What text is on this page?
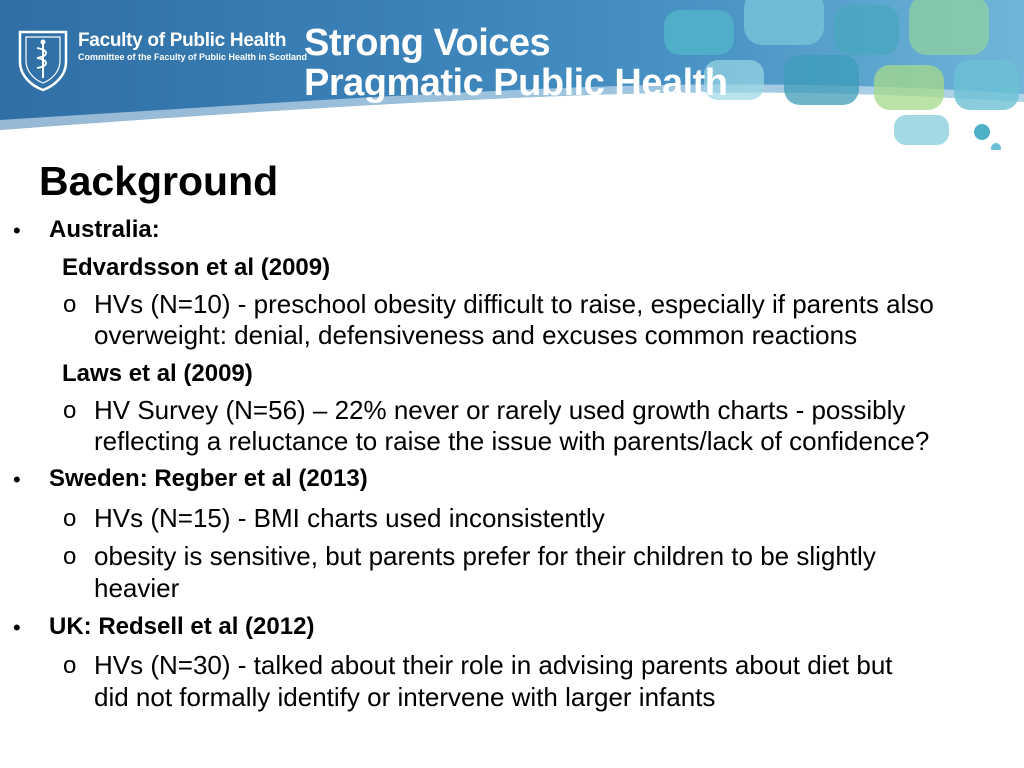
Faculty of Public Health
Committee of the Faculty of Public Health in Scotland
Strong Voices
Pragmatic Public Health
ANNUAL PUBLIC HEALTH CONFERENCE
Background
• Australia:
Edvardsson et al (2009)
o HVs (N=10) - preschool obesity difficult to raise, especially if parents also
overweight: denial, defensiveness and excuses common reactions
Laws et al (2009)
o HV Survey (N=56) – 22% never or rarely used growth charts - possibly
reflecting a reluctance to raise the issue with parents/lack of confidence?
• Sweden: Regber et al (2013)
o HVs (N=15) - BMI charts used inconsistently
o obesity is sensitive, but parents prefer for their children to be slightly
heavier
• UK: Redsell et al (2012)
o HVs (N=30) - talked about their role in advising parents about diet but
did not formally identify or intervene with larger infants
